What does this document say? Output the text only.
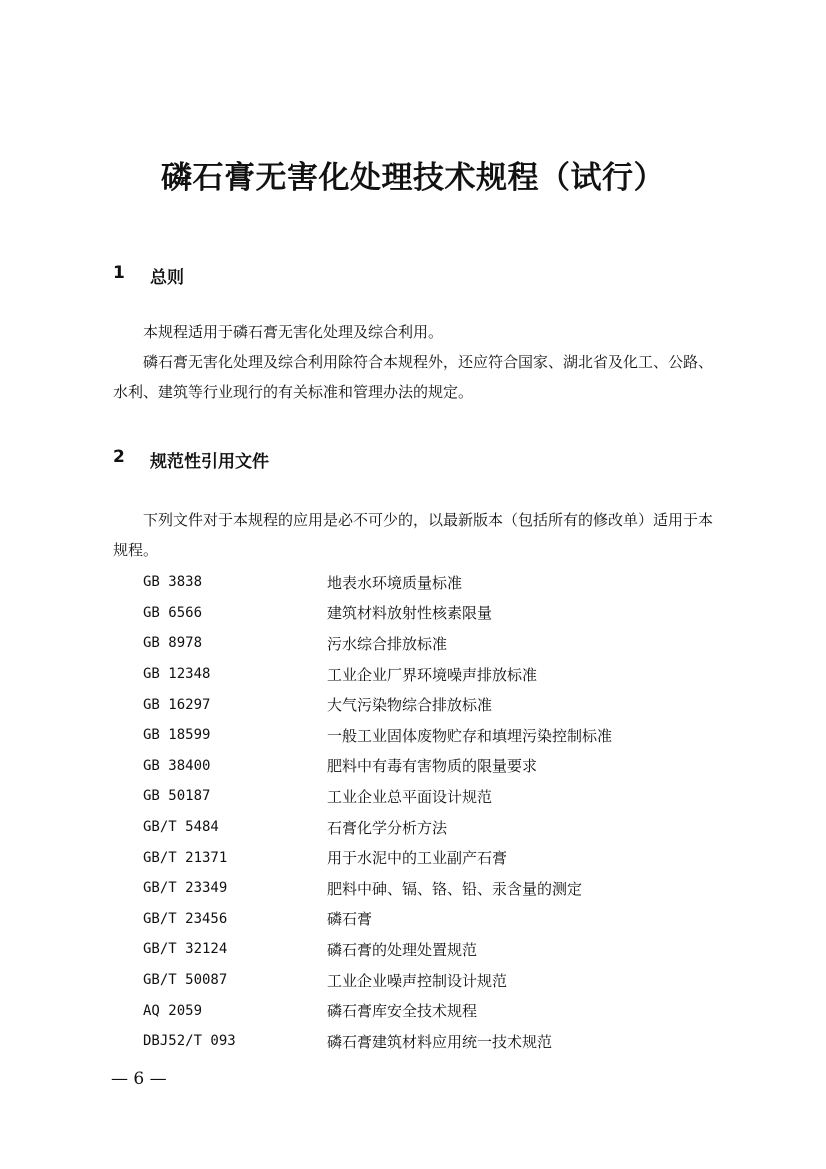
磷石膏无害化处理技术规程（试行）
1	总则

本规程适用于磷石膏无害化处理及综合利用。

磷石膏无害化处理及综合利用除符合本规程外，还应符合国家、湖北省及化工、公路、水利、建筑等行业现行的有关标准和管理办法的规定。

2	规范性引用文件

下列文件对于本规程的应用是必不可少的，以最新版本（包括所有的修改单）适用于本规程。

GB 3838	地表水环境质量标准
GB 6566	建筑材料放射性核素限量
GB 8978	污水综合排放标准
GB 12348	工业企业厂界环境噪声排放标准
GB 16297	大气污染物综合排放标准
GB 18599	一般工业固体废物贮存和填埋污染控制标准
GB 38400	肥料中有毒有害物质的限量要求
GB 50187	工业企业总平面设计规范
GB/T 5484	石膏化学分析方法
GB/T 21371	用于水泥中的工业副产石膏
GB/T 23349	肥料中砷、镉、铬、铅、汞含量的测定
GB/T 23456	磷石膏
GB/T 32124	磷石膏的处理处置规范
GB/T 50087	工业企业噪声控制设计规范
AQ 2059	磷石膏库安全技术规程
DBJ52/T 093	磷石膏建筑材料应用统一技术规范
— 6 —
